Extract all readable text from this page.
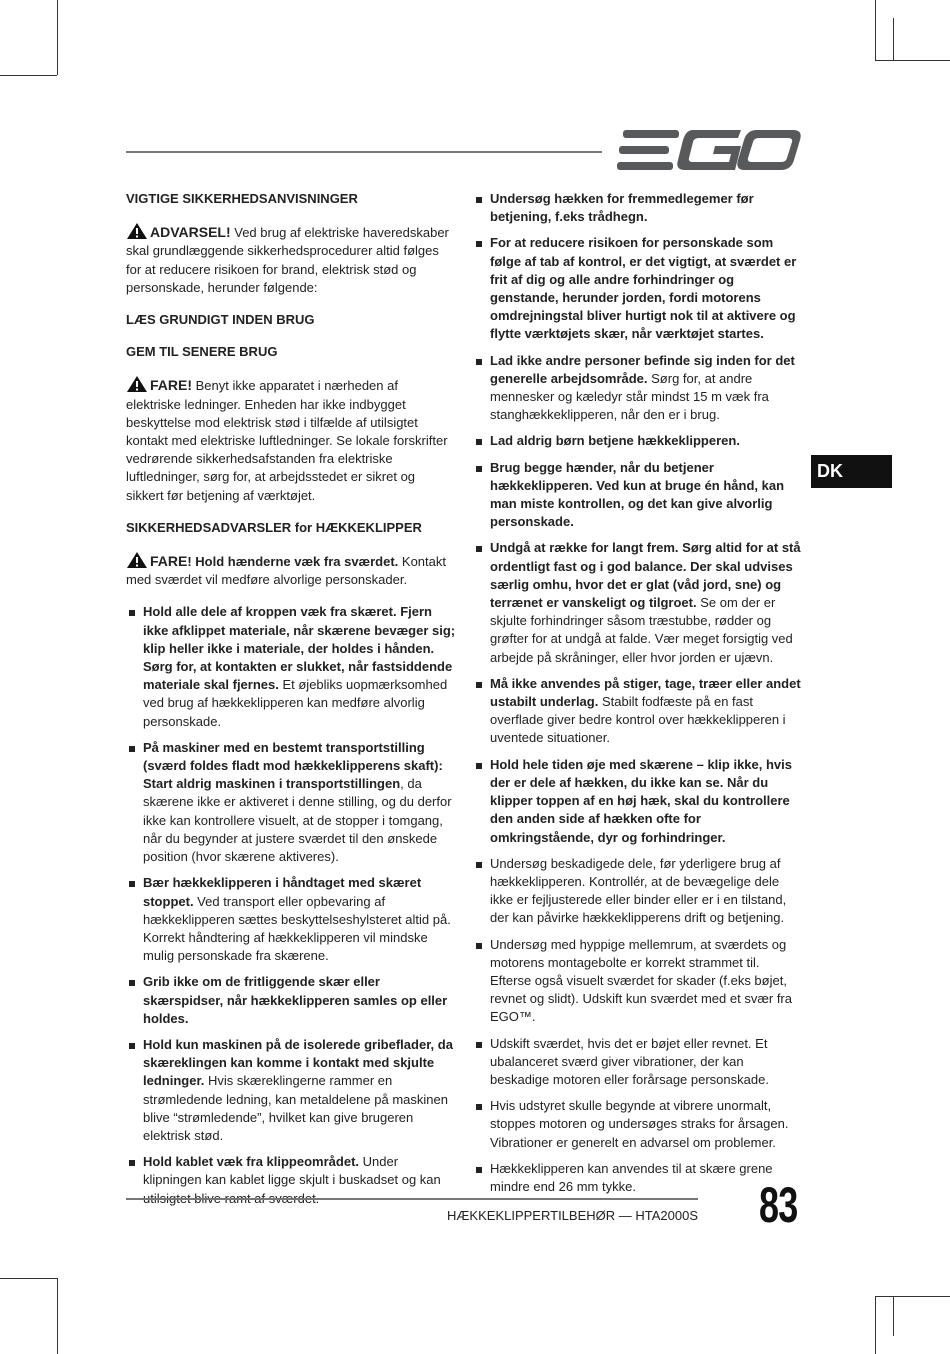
VIGTIGE SIKKERHEDSANVISNINGER
ADVARSEL! Ved brug af elektriske haveredskaber skal grundlæggende sikkerhedsprocedurer altid følges for at reducere risikoen for brand, elektrisk stød og personskade, herunder følgende:
LÆS GRUNDIGT INDEN BRUG
GEM TIL SENERE BRUG
FARE! Benyt ikke apparatet i nærheden af elektriske ledninger. Enheden har ikke indbygget beskyttelse mod elektrisk stød i tilfælde af utilsigtet kontakt med elektriske luftledninger. Se lokale forskrifter vedrørende sikkerhedsafstanden fra elektriske luftledninger, sørg for, at arbejdsstedet er sikret og sikkert før betjening af værktøjet.
SIKKERHEDSADVARSLER for HÆKKEKLIPPER
FARE! Hold hænderne væk fra sværdet. Kontakt med sværdet vil medføre alvorlige personskader.
Hold alle dele af kroppen væk fra skæret. Fjern ikke afklippet materiale, når skærene bevæger sig; klip heller ikke i materiale, der holdes i hånden. Sørg for, at kontakten er slukket, når fastsiddende materiale skal fjernes. Et øjebliks uopmærksomhed ved brug af hækkeklipperen kan medføre alvorlig personskade.
På maskiner med en bestemt transportstilling (sværd foldes fladt mod hækkeklipperens skaft): Start aldrig maskinen i transportstillingen, da skærene ikke er aktiveret i denne stilling, og du derfor ikke kan kontrollere visuelt, at de stopper i tomgang, når du begynder at justere sværdet til den ønskede position (hvor skærene aktiveres).
Bær hækkeklipperen i håndtaget med skæret stoppet. Ved transport eller opbevaring af hækkeklipperen sættes beskyttelseshylsteret altid på. Korrekt håndtering af hækkeklipperen vil mindske mulig personskade fra skærene.
Grib ikke om de fritliggende skær eller skærspidser, når hækkeklipperen samles op eller holdes.
Hold kun maskinen på de isolerede gribeflader, da skæreklingen kan komme i kontakt med skjulte ledninger. Hvis skæreklingerne rammer en strømledende ledning, kan metaldelene på maskinen blive “strømledende”, hvilket kan give brugeren elektrisk stød.
Hold kablet væk fra klippeområdet. Under klipningen kan kablet ligge skjult i buskadset og kan
Undersøg hækken for fremmedlegemer før betjening, f.eks trådhegn.
For at reducere risikoen for personskade som følge af tab af kontrol, er det vigtigt, at sværdet er frit af dig og alle andre forhindringer og genstande, herunder jorden, fordi motorens omdrejningstal bliver hurtigt nok til at aktivere og flytte værktøjets skær, når værktøjet startes.
Lad ikke andre personer befinde sig inden for det generelle arbejdsområde. Sørg for, at andre mennesker og kæledyr står mindst 15 m væk fra stanghækkeklipperen, når den er i brug.
Lad aldrig børn betjene hækkeklipperen.
Brug begge hænder, når du betjener hækkeklipperen. Ved kun at bruge én hånd, kan man miste kontrollen, og det kan give alvorlig personskade.
Undgå at række for langt frem. Sørg altid for at stå ordentligt fast og i god balance. Der skal udvises særlig omhu, hvor det er glat (våd jord, sne) og terrænet er vanskeligt og tilgroet. Se om der er skjulte forhindringer såsom træstubbe, rødder og grøfter for at undgå at falde. Vær meget forsigtig ved arbejde på skråninger, eller hvor jorden er ujævn.
Må ikke anvendes på stiger, tage, træer eller andet ustabilt underlag. Stabilt fodfæste på en fast overflade giver bedre kontrol over hækkeklipperen i uventede situationer.
Hold hele tiden øje med skærene – klip ikke, hvis der er dele af hækken, du ikke kan se. Når du klipper toppen af en høj hæk, skal du kontrollere den anden side af hækken ofte for omkringstående, dyr og forhindringer.
Undersøg beskadigede dele, før yderligere brug af hækkeklipperen. Kontrollér, at de bevægelige dele ikke er fejljusterede eller binder eller er i en tilstand, der kan påvirke hækkeklipperens drift og betjening.
Undersøg med hyppige mellemrum, at sværdets og motorens montagebolte er korrekt strammet til. Efterse også visuelt sværdet for skader (f.eks bøjet, revnet og slidt). Udskift kun sværdet med et svær fra EGO™.
Udskift sværdet, hvis det er bøjet eller revnet. Et ubalanceret sværd giver vibrationer, der kan beskadige motoren eller forårsage personskade.
Hvis udstyret skulle begynde at vibrere unormalt, stoppes motoren og undersøges straks for årsagen. Vibrationer er generelt en advarsel om problemer.
Hækkeklipperen kan anvendes til at skære grene mindre end 26 mm tykke.
DK
HÆKKEKLIPPERTILBEHØR — HTA2000S 83
